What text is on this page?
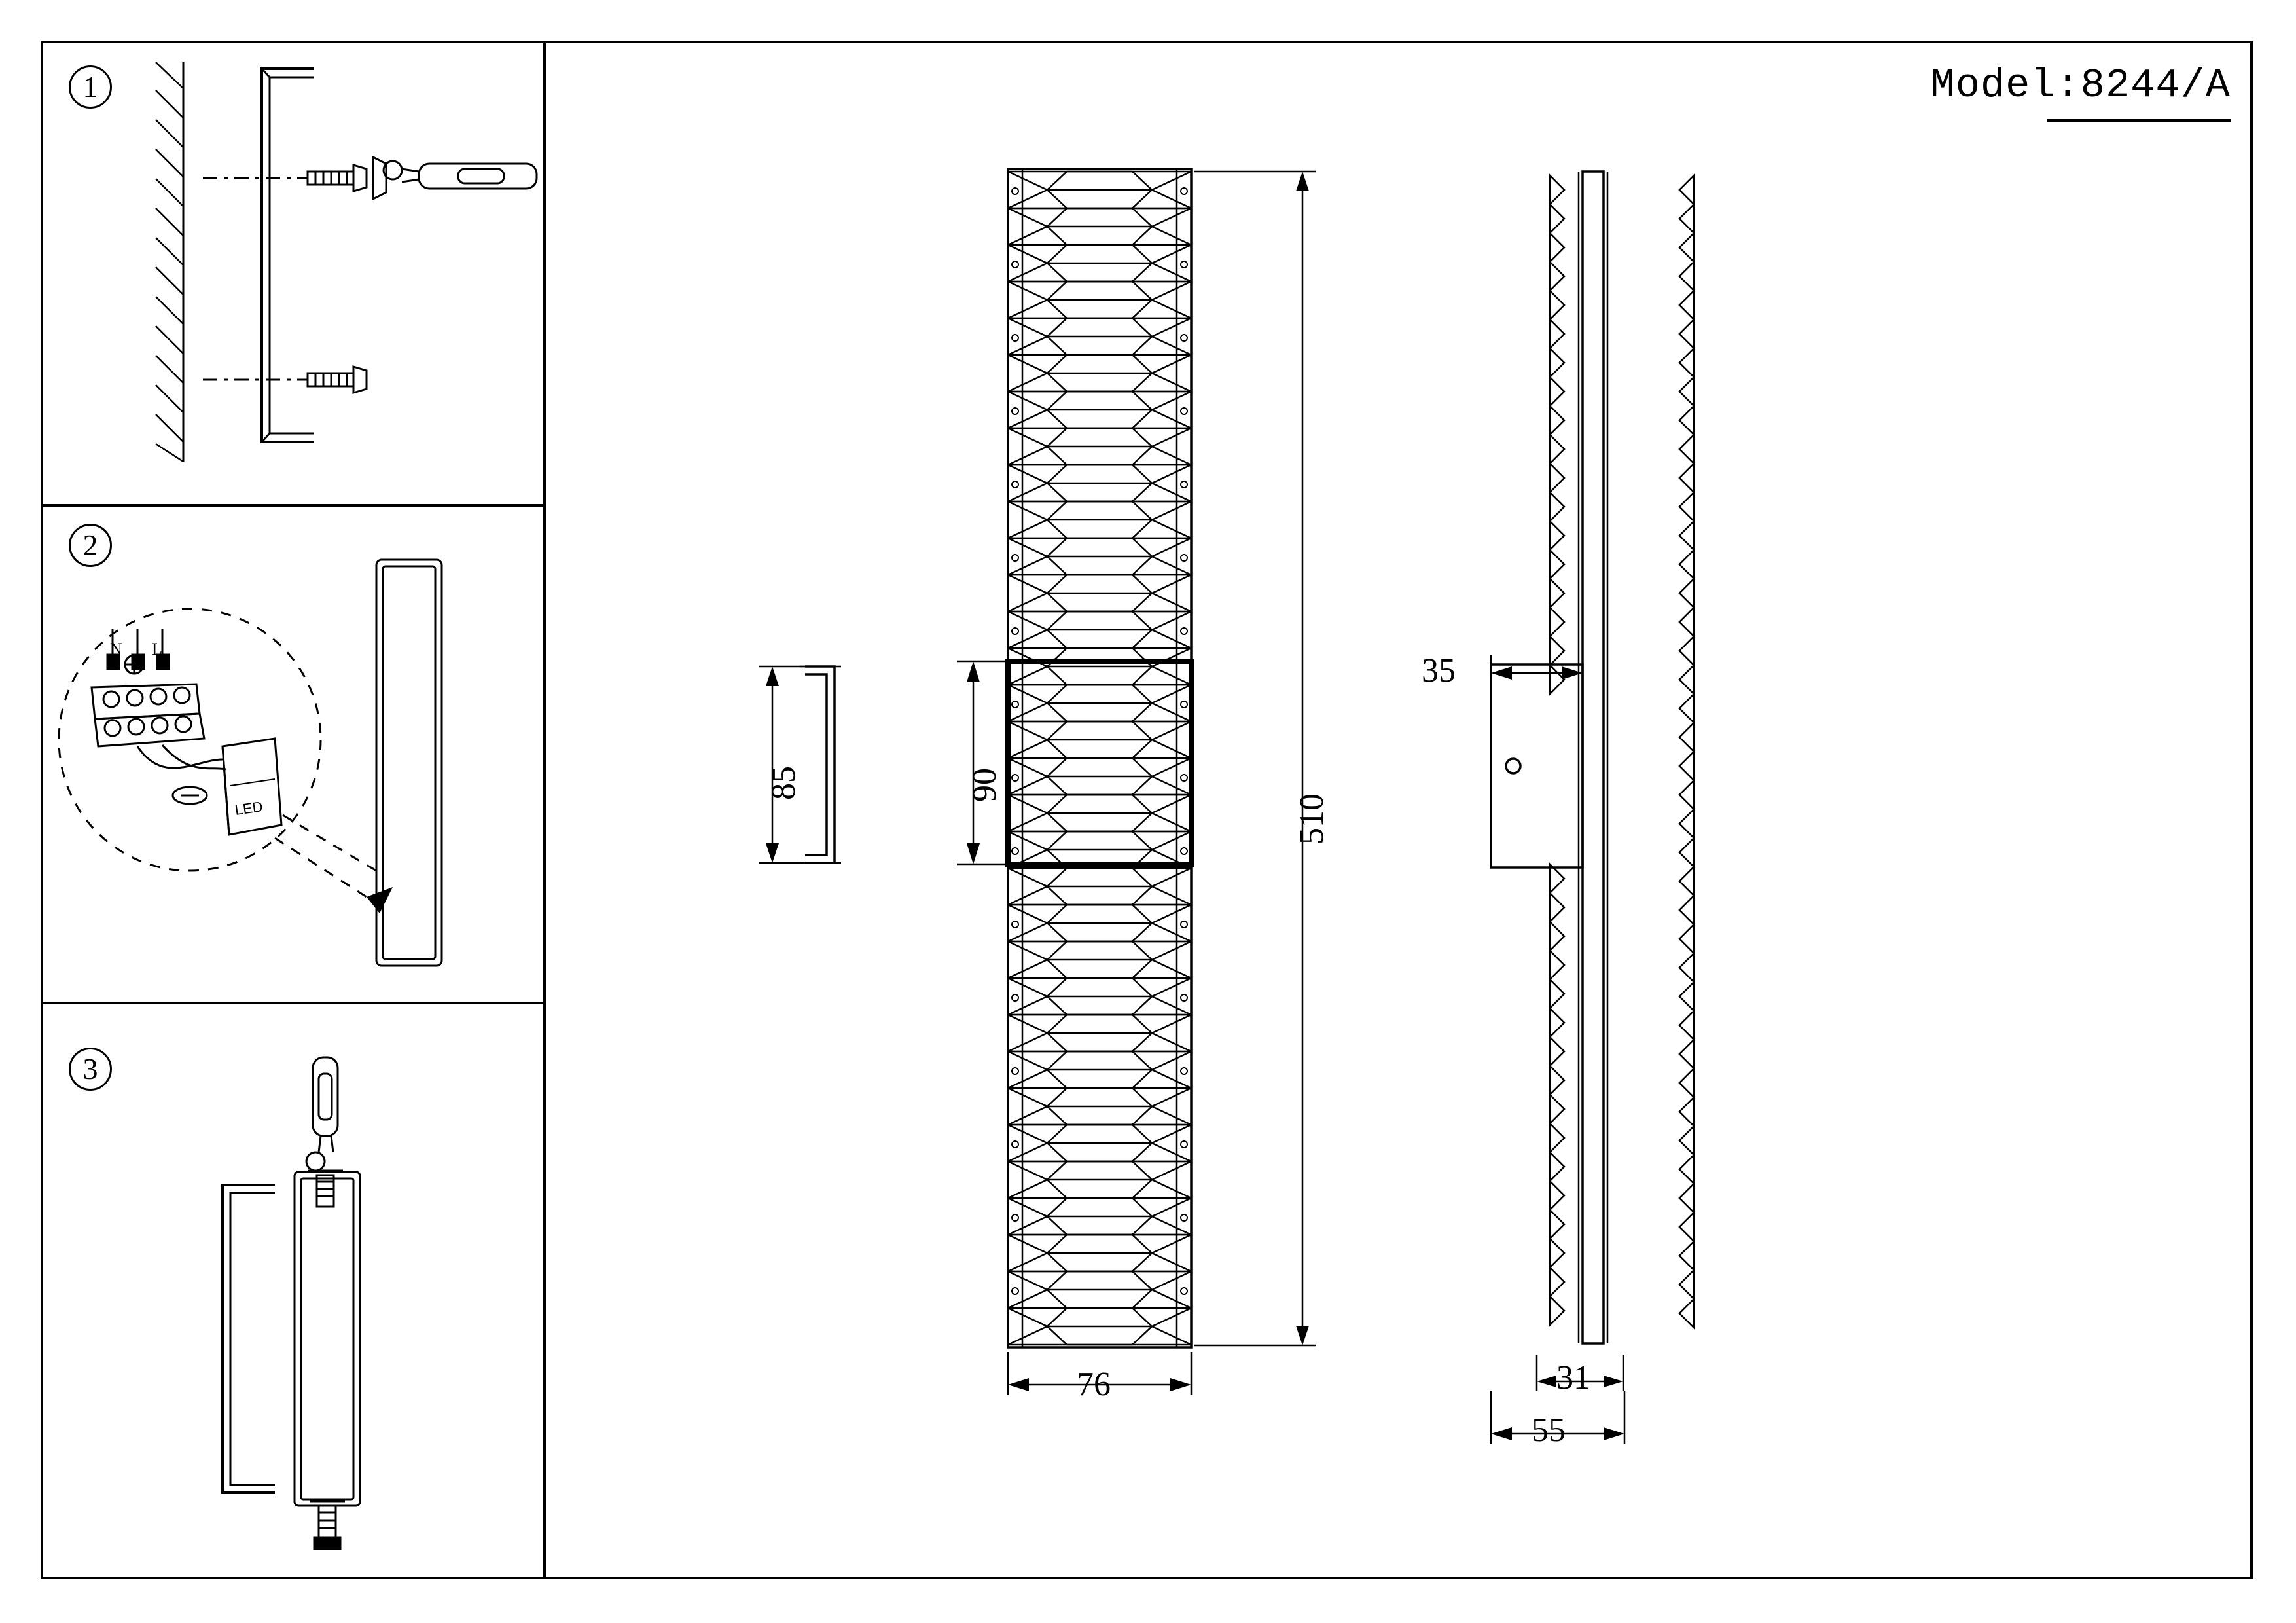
1
2
3
Model:8244/A
LED
N L
510
90
85
76
35
31
55
